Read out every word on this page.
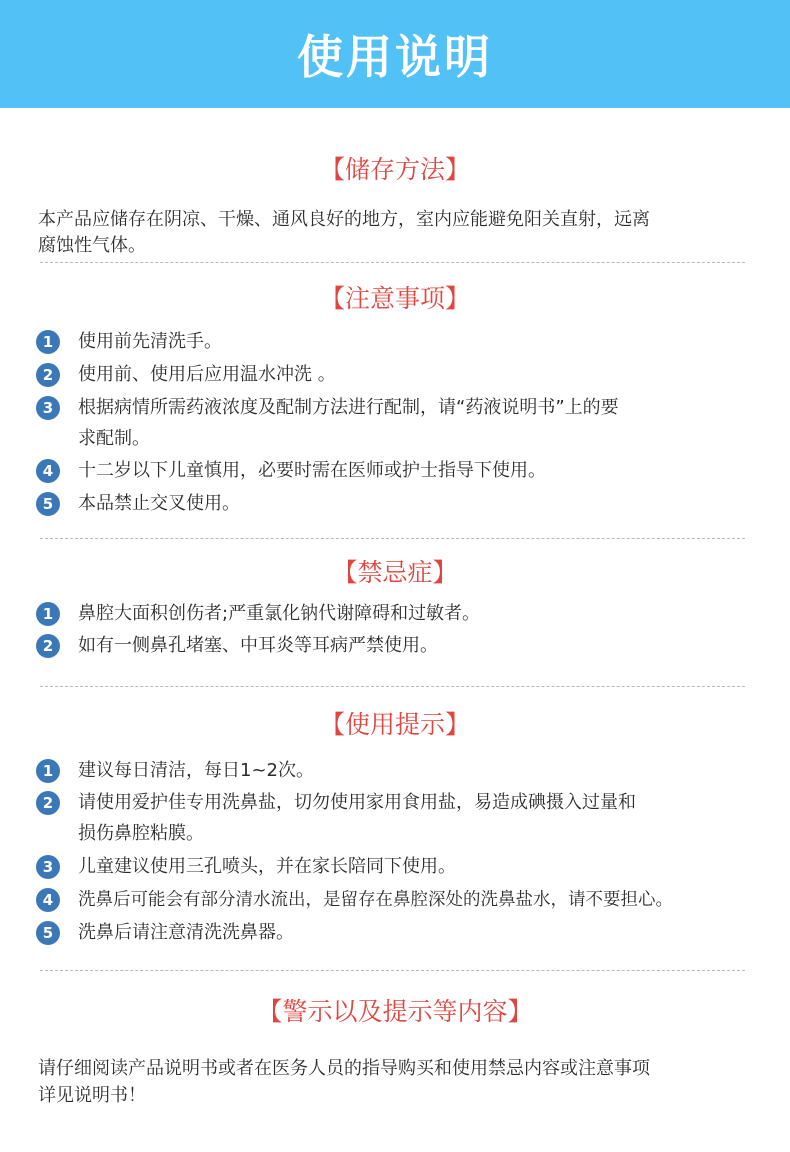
使用说明
【储存方法】
本产品应储存在阴凉、干燥、通风良好的地方，室内应能避免阳关直射，远离
腐蚀性气体。
【注意事项】
1	使用前先清洗手。
2	使用前、使用后应用温水冲洗 。
3	根据病情所需药液浓度及配制方法进行配制，请“药液说明书”上的要
求配制。
4	十二岁以下儿童慎用，必要时需在医师或护士指导下使用。
5	本品禁止交叉使用。
【禁忌症】
1	鼻腔大面积创伤者;严重氯化钠代谢障碍和过敏者。
2	如有一侧鼻孔堵塞、中耳炎等耳病严禁使用。
【使用提示】
1	建议每日清洁，每日1~2次。
2	请使用爱护佳专用洗鼻盐，切勿使用家用食用盐，易造成碘摄入过量和
损伤鼻腔粘膜。
3	儿童建议使用三孔喷头，并在家长陪同下使用。
4	洗鼻后可能会有部分清水流出，是留存在鼻腔深处的洗鼻盐水，请不要担心。
5	洗鼻后请注意清洗洗鼻器。
【警示以及提示等内容】
请仔细阅读产品说明书或者在医务人员的指导购买和使用禁忌内容或注意事项
详见说明书！
